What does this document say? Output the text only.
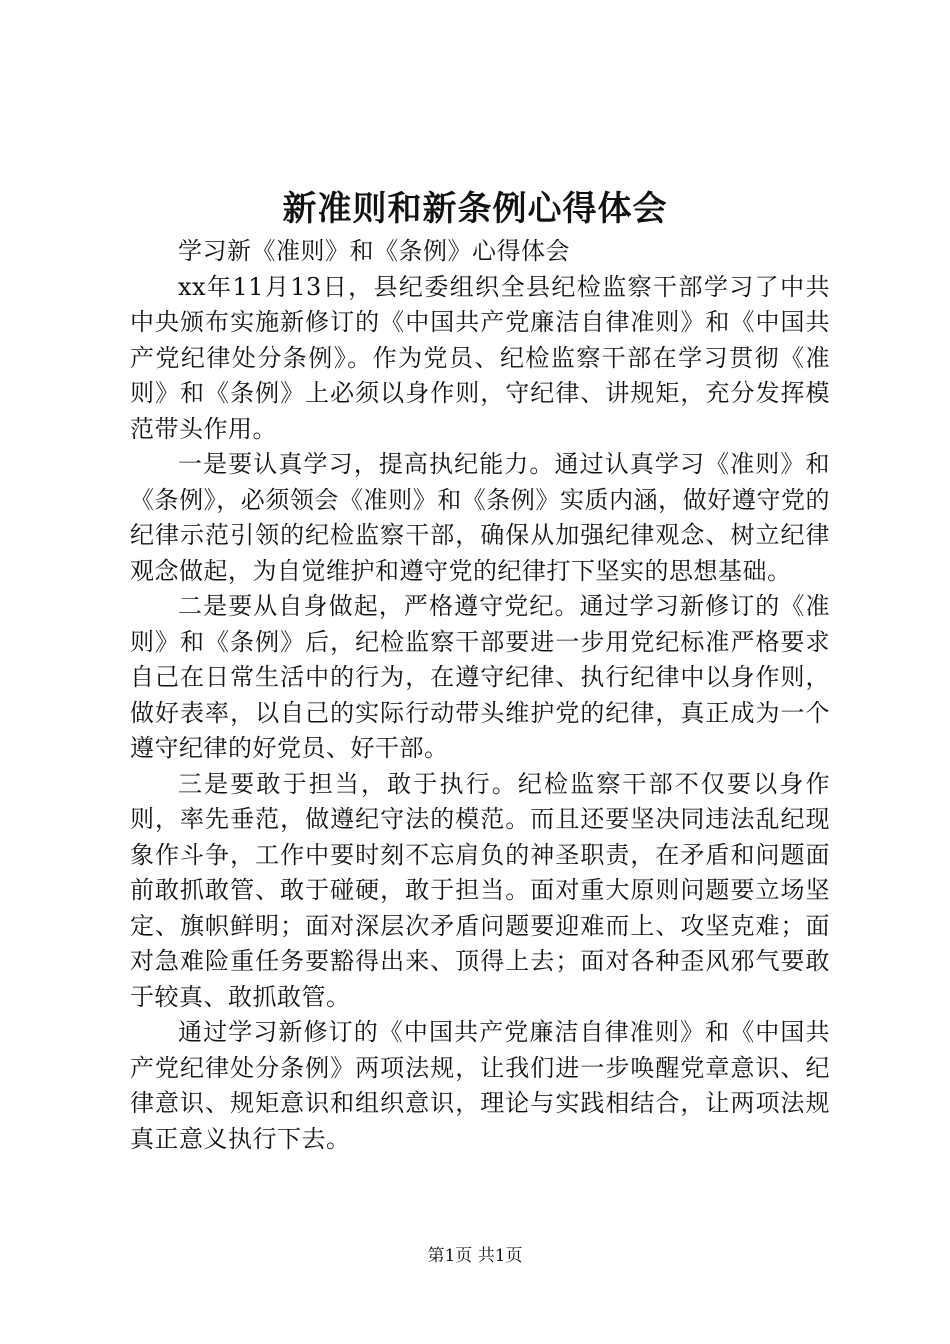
新准则和新条例心得体会

学习新《准则》和《条例》心得体会

xx年11月13日，县纪委组织全县纪检监察干部学习了中共中央颁布实施新修订的《中国共产党廉洁自律准则》和《中国共产党纪律处分条例》。作为党员、纪检监察干部在学习贯彻《准则》和《条例》上必须以身作则，守纪律、讲规矩，充分发挥模范带头作用。

一是要认真学习，提高执纪能力。通过认真学习《准则》和《条例》，必须领会《准则》和《条例》实质内涵，做好遵守党的纪律示范引领的纪检监察干部，确保从加强纪律观念、树立纪律观念做起，为自觉维护和遵守党的纪律打下坚实的思想基础。

二是要从自身做起，严格遵守党纪。通过学习新修订的《准则》和《条例》后，纪检监察干部要进一步用党纪标准严格要求自己在日常生活中的行为，在遵守纪律、执行纪律中以身作则，做好表率，以自己的实际行动带头维护党的纪律，真正成为一个遵守纪律的好党员、好干部。

三是要敢于担当，敢于执行。纪检监察干部不仅要以身作则，率先垂范，做遵纪守法的模范。而且还要坚决同违法乱纪现象作斗争，工作中要时刻不忘肩负的神圣职责，在矛盾和问题面前敢抓敢管、敢于碰硬，敢于担当。面对重大原则问题要立场坚定、旗帜鲜明；面对深层次矛盾问题要迎难而上、攻坚克难；面对急难险重任务要豁得出来、顶得上去；面对各种歪风邪气要敢于较真、敢抓敢管。

通过学习新修订的《中国共产党廉洁自律准则》和《中国共产党纪律处分条例》两项法规，让我们进一步唤醒党章意识、纪律意识、规矩意识和组织意识，理论与实践相结合，让两项法规真正意义执行下去。

第1页 共1页
